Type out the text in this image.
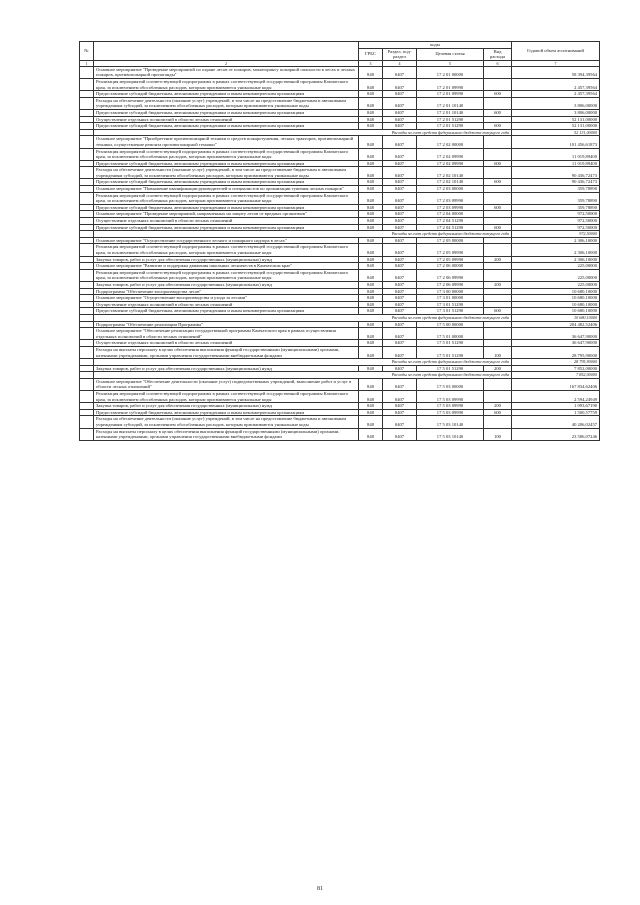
№		коды				Годовой объем ассигнований
		ГРБС	Раздел, под-раздел	Целевая статья	Вид расхода	
1	2	3	4	5	6	7
	Основное мероприятие "Проведение мероприятий по охране лесов от пожаров, мониторингу пожарной опасности в лесах и лесных пожаров, противопожарной пропаганды"	848	0407	17 2 01 00000		58 394,39564
	Реализация мероприятий соответствующей подпрограммы в рамках соответствующей государственной программы Камчатского края, за исключением обособленных расходов, которым присваиваются уникальные коды	848	0407	17 2 01 09990		2 457,39564
	Предоставление субсидий бюджетным, автономным учреждениям и иным некоммерческим организациям	848	0407	17 2 01 09990	600	2 457,39564
	Расходы на обеспечение деятельности (оказание услуг) учреждений, в том числе на предоставление бюджетным и автономным учреждениям субсидий, за исключением обособленных расходов, которым присваиваются уникальные коды	848	0407	17 2 01 10140		3 806,00000
	Предоставление субсидий бюджетным, автономным учреждениям и иным некоммерческим организациям	848	0407	17 2 01 10140	600	3 806,00000
	Осуществление отдельных полномочий в области лесных отношений	848	0407	17 2 01 51290		52 131,00000
	Предоставление субсидий бюджетным, автономным учреждениям и иным некоммерческим организациям	848	0407	17 2 01 51290	600	52 131,00000
	Расходы за счет средств федерального бюджета текущего года					52 131,00000
	Основное мероприятие "Приобретение противопожарной техники и средств пожаротушения, лесных тракторов, противопожарной техники, осуществление ремонта противопожарной техники"	848	0407	17 2 02 00000		101 456,61873
	Реализация мероприятий соответствующей подпрограммы в рамках соответствующей государственной программы Камчатского края, за исключением обособленных расходов, которым присваиваются уникальные коды	848	0407	17 2 02 09990		11 019,89400
	Предоставление субсидий бюджетным, автономным учреждениям и иным некоммерческим организациям	848	0407	17 2 02 09990	600	11 019,89400
	Расходы на обеспечение деятельности (оказание услуг) учреждений, в том числе на предоставление бюджетным и автономным учреждениям субсидий, за исключением обособленных расходов, которым присваиваются уникальные коды	848	0407	17 2 02 10140		90 436,72473
	Предоставление субсидий бюджетным, автономным учреждениям и иным некоммерческим организациям	848	0407	17 2 02 10140	600	90 436,72473
	Основное мероприятие "Повышение квалификации руководителей и специалистов по организации тушения лесных пожаров"	848	0407	17 2 03 00000		359,78890
	Реализация мероприятий соответствующей подпрограммы в рамках соответствующей государственной программы Камчатского края, за исключением обособленных расходов, которым присваиваются уникальные коды	848	0407	17 2 03 09990		359,78890
	Предоставление субсидий бюджетным, автономным учреждениям и иным некоммерческим организациям	848	0407	17 2 03 09990	600	359,78890
	Основное мероприятие "Проведение мероприятий, направленных на защиту лесов от вредных организмов"	848	0407	17 2 04 00000		972,50000
	Осуществление отдельных полномочий в области лесных отношений	848	0407	17 2 04 51290		972,50000
	Предоставление субсидий бюджетным, автономным учреждениям и иным некоммерческим организациям	848	0407	17 2 04 51290	600	972,50000
	Расходы за счет средств федерального бюджета текущего года					972,50000
	Основное мероприятие "Осуществление государственного лесного и пожарного надзора в лесах"	848	0407	17 2 05 00000		2 306,10000
	Реализация мероприятий соответствующей подпрограммы в рамках соответствующей государственной программы Камчатского края, за исключением обособленных расходов, которым присваиваются уникальные коды	848	0407	17 2 05 09990		2 306,10000
	Закупка товаров, работ и услуг для обеспечения государственных (муниципальных) нужд	848	0407	17 2 05 09990	200	2 306,10000
	Основное мероприятие "Развитие и поддержка движения школьных лесничеств в Камчатском крае"	848	0407	17 2 06 00000		225,00000
	Реализация мероприятий соответствующей подпрограммы в рамках соответствующей государственной программы Камчатского края, за исключением обособленных расходов, которым присваиваются уникальные коды	848	0407	17 2 06 09990		225,00000
	Закупка товаров, работ и услуг для обеспечения государственных (муниципальных) нужд	848	0407	17 2 06 09990	200	225,00000
	Подпрограмма "Обеспечение воспроизводства лесов"	848	0407	17 3 00 00000		10 680,10000
	Основное мероприятие "Осуществление воспроизводства и ухода за лесами"	848	0407	17 3 01 00000		10 680,10000
	Осуществление отдельных полномочий в области лесных отношений	848	0407	17 3 01 51290		10 680,10000
	Предоставление субсидий бюджетным, автономным учреждениям и иным некоммерческим организациям	848	0407	17 3 01 51290	600	10 680,10000
	Расходы за счет средств федерального бюджета текущего года					10 680,10000
	Подпрограмма "Обеспечение реализации Программы"	848	0407	17 5 00 00000		204 482,52406
	Основное мероприятие "Обеспечение реализации государственной программы Камчатского края в рамках осуществления отдельных полномочий в области лесных отношений"	848	0407	17 5 01 00000		36 647,90000
	Осуществление отдельных полномочий в области лесных отношений	848	0407	17 5 01 51290		36 647,90000
	Расходы на выплаты персоналу в целях обеспечения выполнения функций государственными (муниципальными) органами, казенными учреждениями, органами управления государственными внебюджетными фондами	848	0407	17 5 01 51290	100	28 795,90000
	Расходы за счет средств федерального бюджета текущего года					28 795,90000
	Закупка товаров, работ и услуг для обеспечения государственных (муниципальных) нужд	848	0407	17 5 01 51290	200	7 852,00000
	Расходы за счет средств федерального бюджета текущего года					7 852,00000
	Основное мероприятие "Обеспечение деятельности (оказание услуг) подведомственных учреждений, выполнение работ и услуг в области лесных отношений"	848	0407	17 5 03 00000		167 834,62406
	Реализация мероприятий соответствующей подпрограммы в рамках соответствующей государственной программы Камчатского края, за исключением обособленных расходов, которым присваиваются уникальные коды	848	0407	17 5 03 09990		2 594,24949
	Закупка товаров, работ и услуг для обеспечения государственных (муниципальных) нужд	848	0407	17 5 03 09990	200	1 093,67190
	Предоставление субсидий бюджетным, автономным учреждениям и иным некоммерческим организациям	848	0407	17 5 03 09990	600	1 500,57759
	Расходы на обеспечение деятельности (оказание услуг) учреждений, в том числе на предоставление бюджетным и автономным учреждениям субсидий, за исключением обособленных расходов, которым присваиваются уникальные коды	848	0407	17 5 03 10140		40 206,02457
	Расходы на выплаты персоналу в целях обеспечения выполнения функций государственными (муниципальными) органами, казенными учреждениями, органами управления государственными внебюджетными фондами	848	0407	17 5 03 10140	100	23 586,07246
81
